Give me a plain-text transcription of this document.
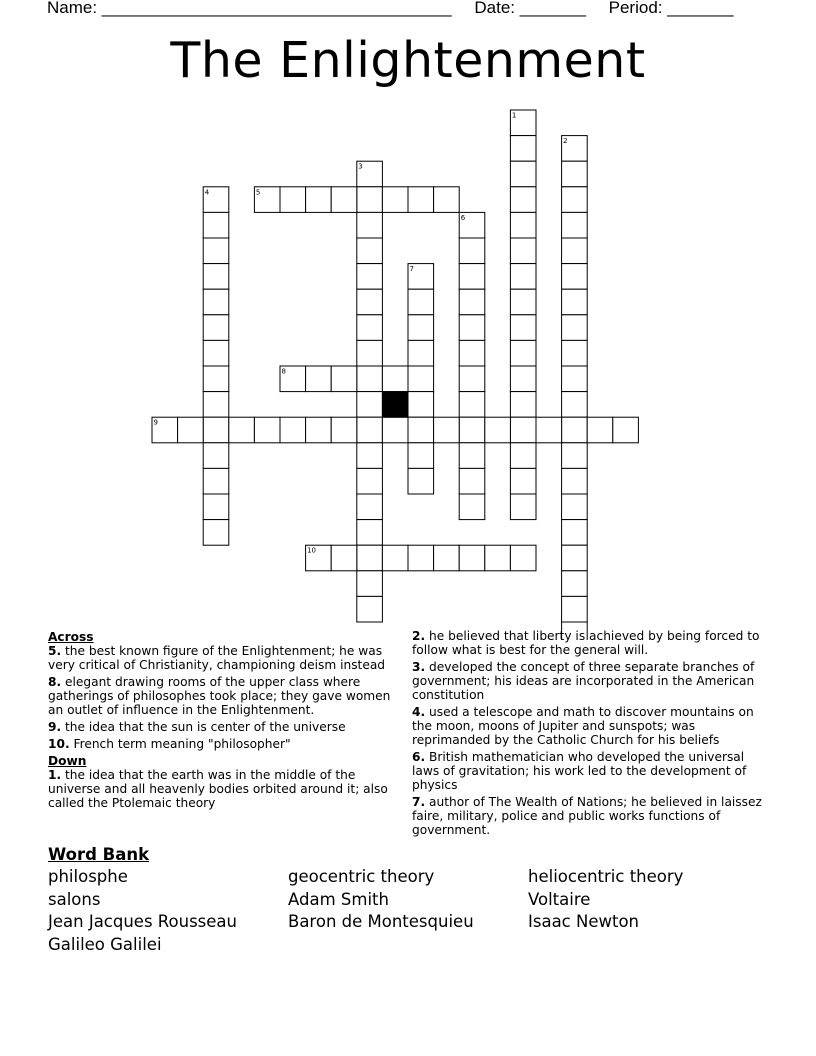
Name: _____________________________________ Date: _______ Period: _______
The Enlightenment
1
2
3
4	5
6
7
8
9
10
Across
5. the best known figure of the Enlightenment; he was very critical of Christianity, championing deism instead
8. elegant drawing rooms of the upper class where gatherings of philosophes took place; they gave women an outlet of influence in the Enlightenment.
9. the idea that the sun is center of the universe
10. French term meaning "philosopher"
Down
1. the idea that the earth was in the middle of the universe and all heavenly bodies orbited around it; also called the Ptolemaic theory
2. he believed that liberty is achieved by being forced to follow what is best for the general will.
3. developed the concept of three separate branches of government; his ideas are incorporated in the American constitution
4. used a telescope and math to discover mountains on the moon, moons of Jupiter and sunspots; was reprimanded by the Catholic Church for his beliefs
6. British mathematician who developed the universal laws of gravitation; his work led to the development of physics
7. author of The Wealth of Nations; he believed in laissez faire, military, police and public works functions of government.
Word Bank
philosphe	geocentric theory	heliocentric theory
salons	Adam Smith	Voltaire
Jean Jacques Rousseau	Baron de Montesquieu	Isaac Newton
Galileo Galilei
